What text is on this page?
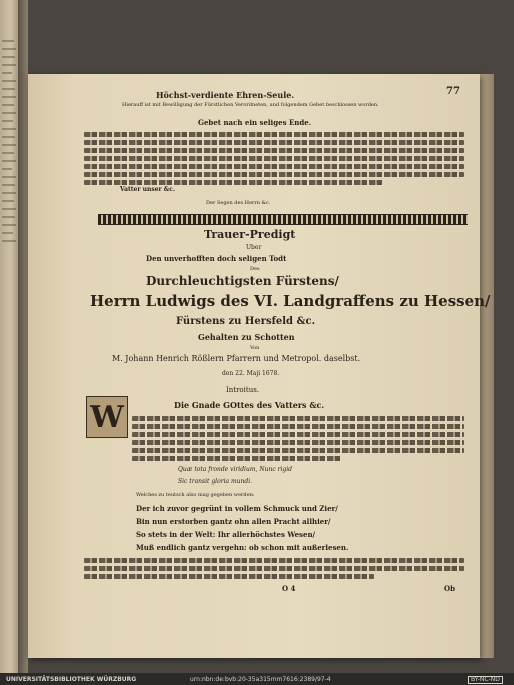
Höchst-verdiente Ehren-Seule.	77
Hierauff ist mit Bewilligung der Fürstlichen Verordneten, und folgendem Gebet beschlossen worden.
Gebet nach ein seliges Ende.
Vatter unser &c.
Der Segen des Herrn &c.
Trauer-Predigt
Uber
Den unverhofften doch seligen Todt
Des
Durchleuchtigsten Fürstens/
Herrn Ludwigs des VI. Landgraffens zu Hessen/
Fürstens zu Hersfeld &c.
Gehalten zu Schotten
Von
M. Johann Henrich Rößlern Pfarrern und Metropol. daselbst.
den 22. Maji 1678.
Introitus.
Die Gnade GOttes des Vatters &c.
W
Quæ tota fronde viridium, Nunc rigid
Sic transit gloria mundi.
Welches zu teutsch also mag gegeben werden:
Der ich zuvor gegrünt in vollem Schmuck und Zier/
Bin nun erstorben gantz ohn allen Pracht allhier/
So stets in der Welt: Ihr allerhöchstes Wesen/
Muß endlich gantz vergehn: ob schon mit außerlesen.
O 4	Ob
UNIVERSITÄTSBIBLIOTHEK WÜRZBURG	urn:nbn:de:bvb:20-35a315mm7616:2389/97-4	BY-NC-ND
